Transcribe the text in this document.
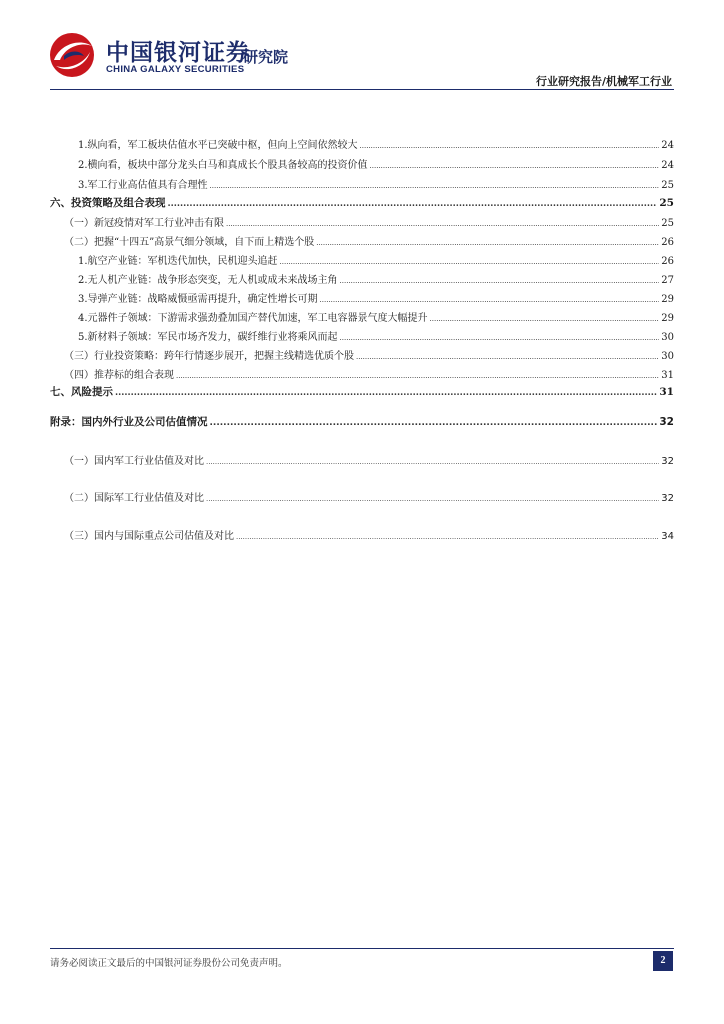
中国银河证券
CHINA GALAXY SECURITIES
研究院
行业研究报告/机械军工行业
1.纵向看，军工板块估值水平已突破中枢，但向上空间依然较大 .....	24
2.横向看，板块中部分龙头白马和真成长个股具备较高的投资价值 .....	24
3.军工行业高估值具有合理性 .....	25
六、投资策略及组合表现 .....	25
（一）新冠疫情对军工行业冲击有限 .....	25
（二）把握“十四五”高景气细分领域，自下而上精选个股 .....	26
1.航空产业链：军机迭代加快，民机迎头追赶 .....	26
2.无人机产业链：战争形态突变，无人机或成未来战场主角 .....	27
3.导弹产业链：战略威慑亟需再提升，确定性增长可期 .....	29
4.元器件子领域：下游需求强劲叠加国产替代加速，军工电容器景气度大幅提升 .....	29
5.新材料子领域：军民市场齐发力，碳纤维行业将乘风而起 .....	30
（三）行业投资策略：跨年行情逐步展开，把握主线精选优质个股 .....	30
（四）推荐标的组合表现 .....	31
七、风险提示 .....	31
附录：国内外行业及公司估值情况 .....	32
（一）国内军工行业估值及对比 .....	32
（二）国际军工行业估值及对比 .....	32
（三）国内与国际重点公司估值及对比 .....	34
请务必阅读正文最后的中国银河证券股份公司免责声明。	2
